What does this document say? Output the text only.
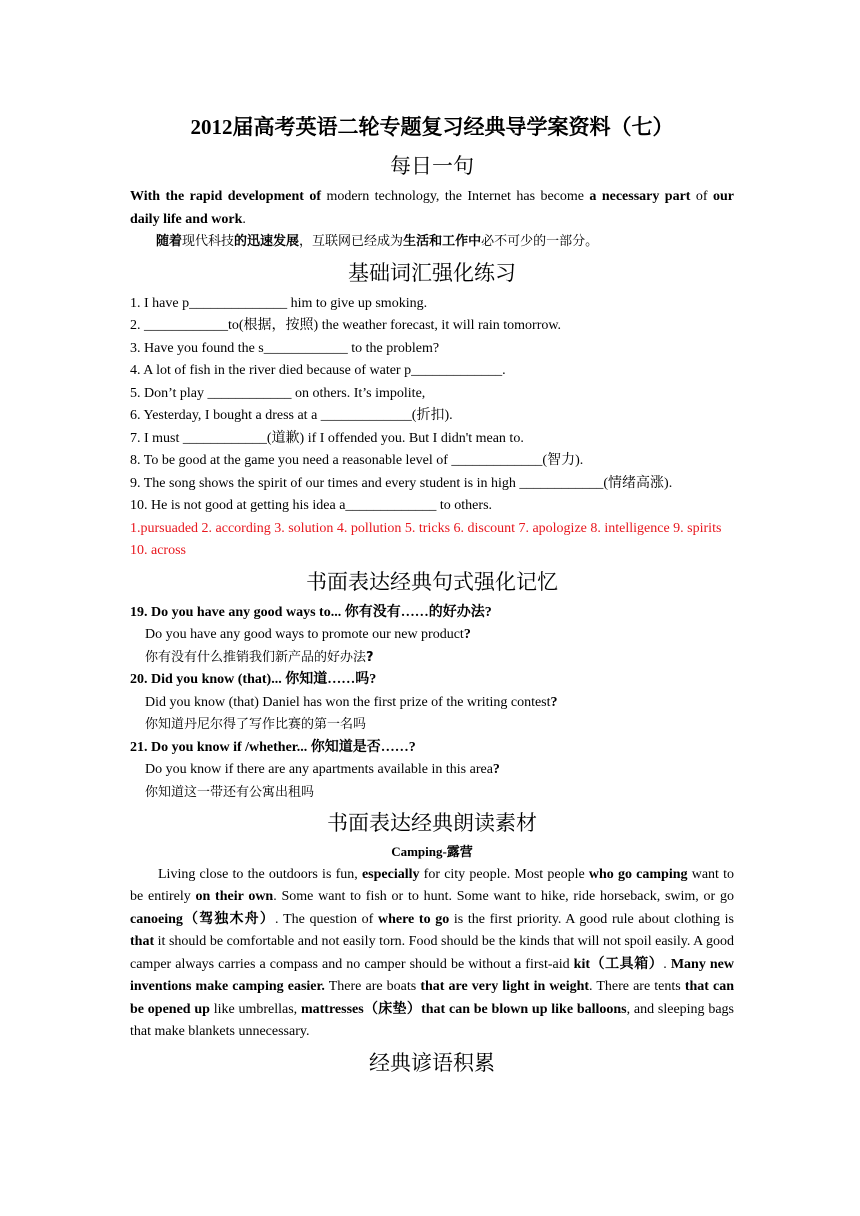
2012届高考英语二轮专题复习经典导学案资料（七）
每日一句

With the rapid development of modern technology, the Internet has become a necessary part of our daily life and work.

随着现代科技的迅速发展，互联网已经成为生活和工作中必不可少的一部分。

基础词汇强化练习

1. I have p______________ him to give up smoking.

2. ____________to(根据，按照) the weather forecast, it will rain tomorrow.

3. Have you found the s____________ to the problem?

4. A lot of fish in the river died because of water p_____________.

5. Don’t play ____________ on others. It’s impolite,

6. Yesterday, I bought a dress at a _____________(折扣).

7. I must ____________(道歉) if I offended you. But I didn't mean to.

8. To be good at the game you need a reasonable level of _____________(智力).

9. The song shows the spirit of our times and every student is in high ____________(情绪高涨).

10. He is not good at getting his idea a_____________ to others.

1.pursuaded 2. according 3. solution 4. pollution 5. tricks 6. discount 7. apologize 8. intelligence 9. spirits 10. across

书面表达经典句式强化记忆

19. Do you have any good ways to... 你有没有……的好办法?

Do you have any good ways to promote our new product?

你有没有什么推销我们新产品的好办法?

20. Did you know (that)... 你知道……吗?

Did you know (that) Daniel has won the first prize of the writing contest?

你知道丹尼尔得了写作比赛的第一名吗

21. Do you know if /whether... 你知道是否……?

Do you know if there are any apartments available in this area?

你知道这一带还有公寓出租吗

书面表达经典朗读素材

Camping-露营

Living close to the outdoors is fun, especially for city people. Most people who go camping want to be entirely on their own. Some want to fish or to hunt. Some want to hike, ride horseback, swim, or go canoeing（驾独木舟）. The question of where to go is the first priority. A good rule about clothing is that it should be comfortable and not easily torn. Food should be the kinds that will not spoil easily. A good camper always carries a compass and no camper should be without a first-aid kit（工具箱）. Many new inventions make camping easier. There are boats that are very light in weight. There are tents that can be opened up like umbrellas, mattresses（床垫）that can be blown up like balloons, and sleeping bags that make blankets unnecessary.

经典谚语积累
